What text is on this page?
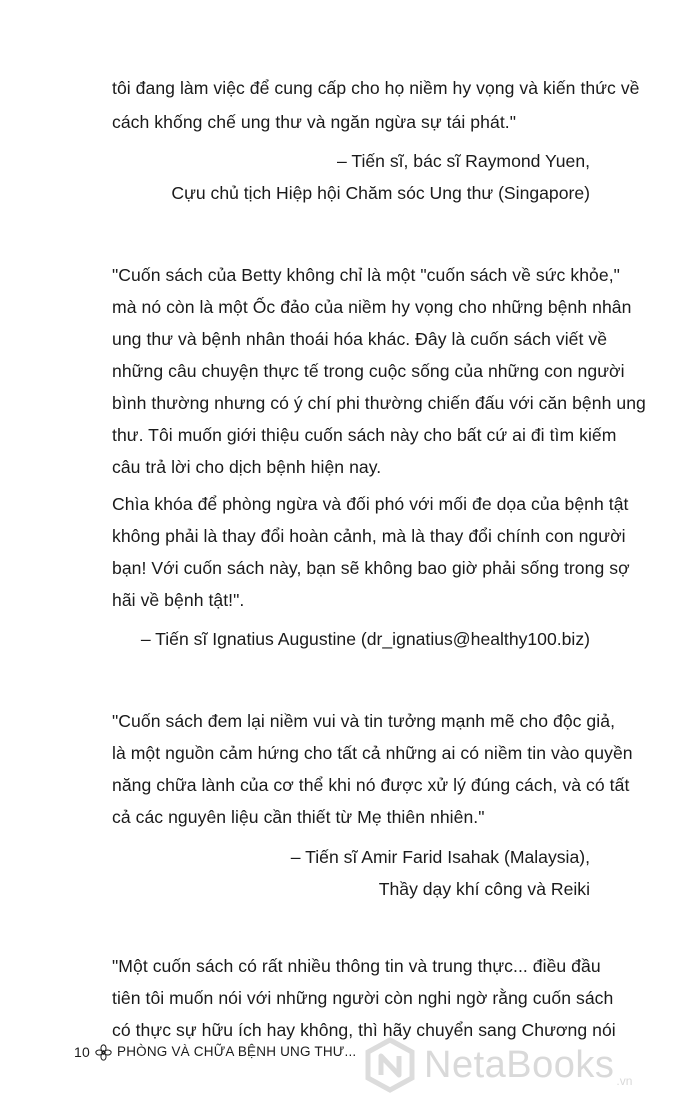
tôi đang làm việc để cung cấp cho họ niềm hy vọng và kiến thức về
cách khống chế ung thư và ngăn ngừa sự tái phát."
– Tiến sĩ, bác sĩ Raymond Yuen,
Cựu chủ tịch Hiệp hội Chăm sóc Ung thư (Singapore)
"Cuốn sách của Betty không chỉ là một "cuốn sách về sức khỏe,"
mà nó còn là một Ốc đảo của niềm hy vọng cho những bệnh nhân
ung thư và bệnh nhân thoái hóa khác. Đây là cuốn sách viết về
những câu chuyện thực tế trong cuộc sống của những con người
bình thường nhưng có ý chí phi thường chiến đấu với căn bệnh ung
thư. Tôi muốn giới thiệu cuốn sách này cho bất cứ ai đi tìm kiếm
câu trả lời cho dịch bệnh hiện nay.
Chìa khóa để phòng ngừa và đối phó với mối đe dọa của bệnh tật
không phải là thay đổi hoàn cảnh, mà là thay đổi chính con người
bạn! Với cuốn sách này, bạn sẽ không bao giờ phải sống trong sợ
hãi về bệnh tật!".
– Tiến sĩ Ignatius Augustine (dr_ignatius@healthy100.biz)
"Cuốn sách đem lại niềm vui và tin tưởng mạnh mẽ cho độc giả,
là một nguồn cảm hứng cho tất cả những ai có niềm tin vào quyền
năng chữa lành của cơ thể khi nó được xử lý đúng cách, và có tất
cả các nguyên liệu cần thiết từ Mẹ thiên nhiên."
– Tiến sĩ Amir Farid Isahak (Malaysia),
Thầy dạy khí công và Reiki
"Một cuốn sách có rất nhiều thông tin và trung thực... điều đầu
tiên tôi muốn nói với những người còn nghi ngờ rằng cuốn sách
có thực sự hữu ích hay không, thì hãy chuyển sang Chương nói
10 PHÒNG VÀ CHỮA BỆNH UNG THƯ... NetaBooks .vn
